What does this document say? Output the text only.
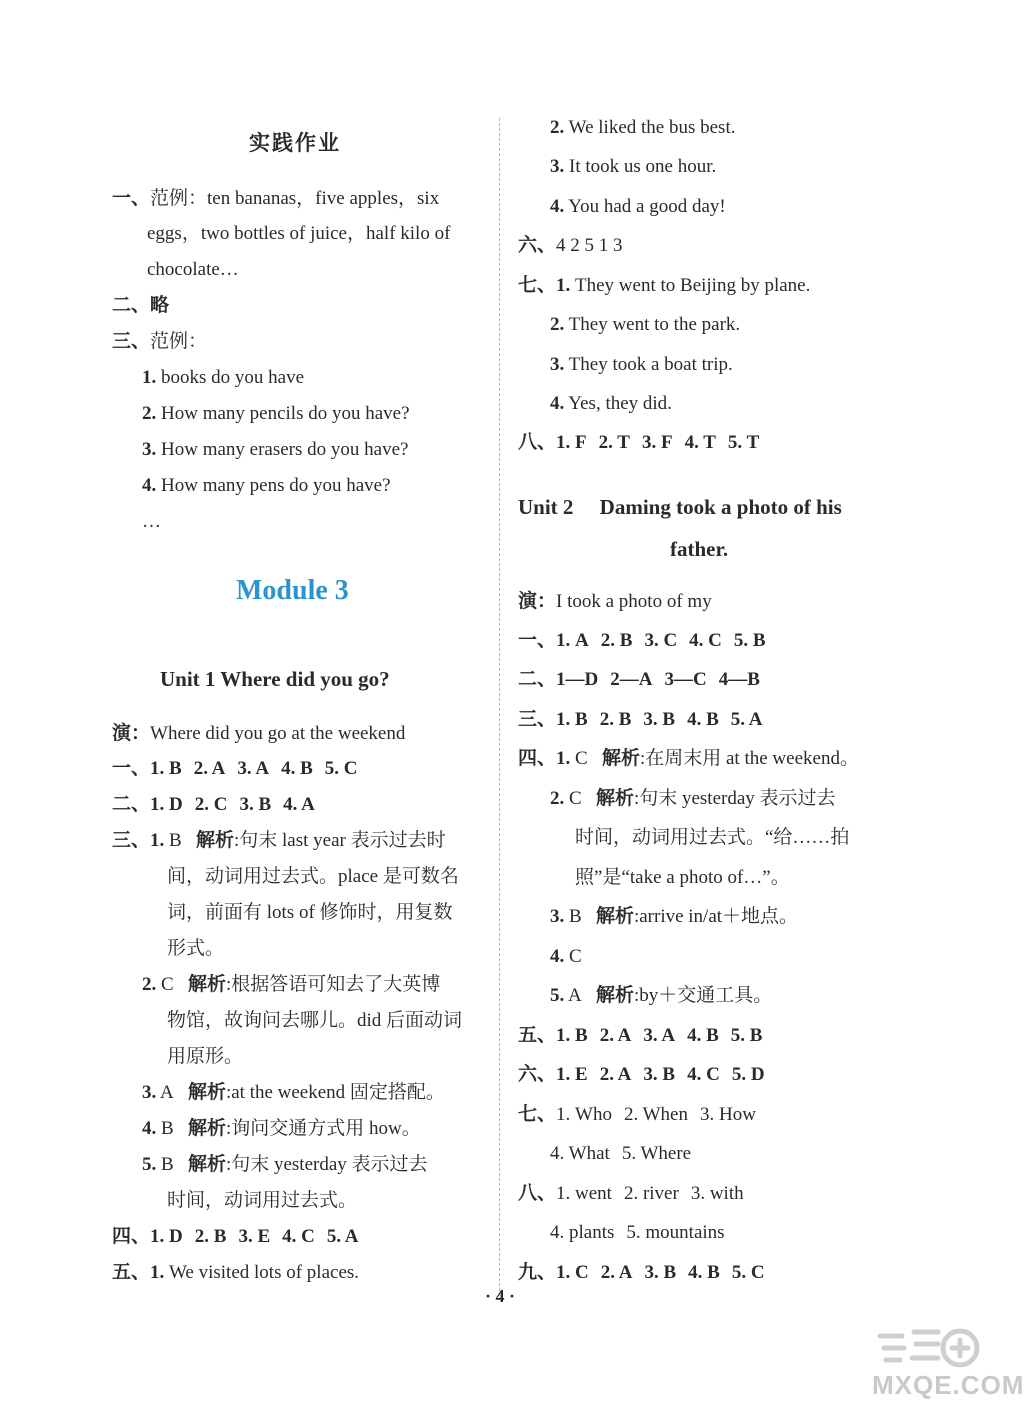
实践作业
一、范例：ten bananas，five apples，six
eggs，two bottles of juice，half kilo of
chocolate…
二、略
三、范例：
1. books do you have
2. How many pencils do you have?
3. How many erasers do you have?
4. How many pens do you have?
…
Module 3
Unit 1 Where did you go?
演：Where did you go at the weekend
一、1. B 2. A 3. A 4. B 5. C
二、1. D 2. C 3. B 4. A
三、1. B 解析:句末 last year 表示过去时
间，动词用过去式。place 是可数名
词，前面有 lots of 修饰时，用复数
形式。
2. C 解析:根据答语可知去了大英博
物馆，故询问去哪儿。did 后面动词
用原形。
3. A 解析:at the weekend 固定搭配。
4. B 解析:询问交通方式用 how。
5. B 解析:句末 yesterday 表示过去
时间，动词用过去式。
四、1. D 2. B 3. E 4. C 5. A
五、1. We visited lots of places.
2. We liked the bus best.
3. It took us one hour.
4. You had a good day!
六、4 2 5 1 3
七、1. They went to Beijing by plane.
2. They went to the park.
3. They took a boat trip.
4. Yes, they did.
八、1. F 2. T 3. F 4. T 5. T
Unit 2     Daming took a photo of his
father.
演：I took a photo of my
一、1. A 2. B 3. C 4. C 5. B
二、1—D 2—A 3—C 4—B
三、1. B 2. B 3. B 4. B 5. A
四、1. C 解析:在周末用 at the weekend。
2. C 解析:句末 yesterday 表示过去
时间，动词用过去式。“给……拍
照”是“take a photo of…”。
3. B 解析:arrive in/at＋地点。
4. C
5. A 解析:by＋交通工具。
五、1. B 2. A 3. A 4. B 5. B
六、1. E 2. A 3. B 4. C 5. D
七、1. Who 2. When 3. How
4. What 5. Where
八、1. went 2. river 3. with
4. plants 5. mountains
九、1. C 2. A 3. B 4. B 5. C
· 4 ·
MXQE.COM
